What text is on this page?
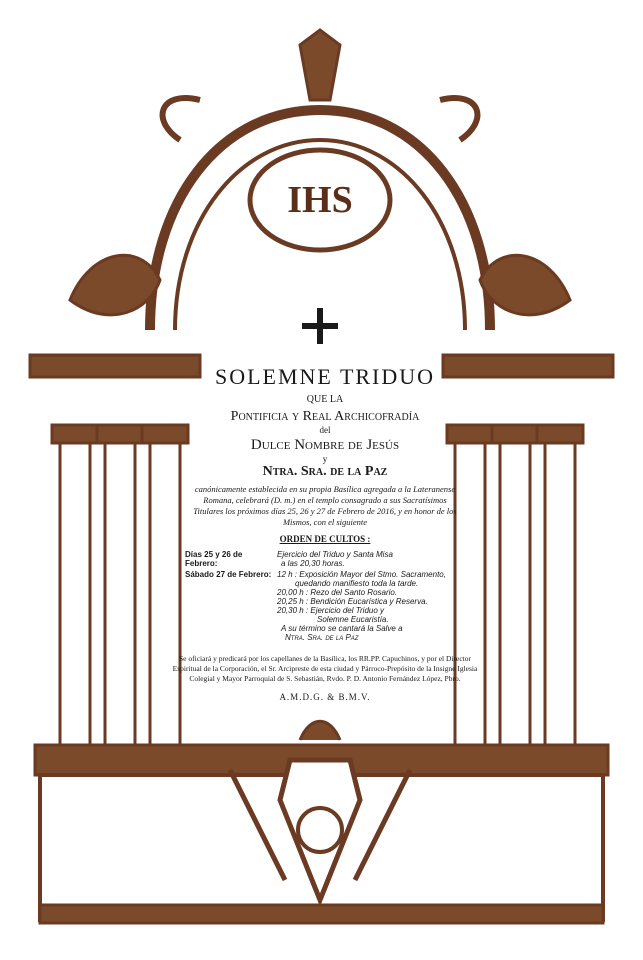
IHS
SOLEMNE TRIDUO
QUE LA
Pontificia y Real Archicofradía
del
Dulce Nombre de Jesús
y
Ntra. Sra. de la Paz
canónicamente establecida en su propia Basílica agregada a la Lateranense Romana, celebrará (D. m.) en el templo consagrado a sus Sacratísimos Titulares los próximos días 25, 26 y 27 de Febrero de 2016, y en honor de los Mismos, con el siguiente
ORDEN DE CULTOS :
Días 25 y 26 de Febrero:
Ejercicio del Triduo y Santa Misa
a las 20,30 horas.
Sábado 27 de Febrero: 12 h : Exposición Mayor del Stmo. Sacramento,
quedando manifiesto toda la tarde.
20,00 h : Rezo del Santo Rosario.
20,25 h : Bendición Eucarística y Reserva.
20,30 h : Ejercicio del Triduo y
Solemne Eucaristía.
A su término se cantará la Salve a
Ntra. Sra. de la Paz
Se oficiará y predicará por los capellanes de la Basílica, los RR.PP. Capuchinos, y por el Director Espiritual de la Corporación, el Sr. Arcipreste de esta ciudad y Párroco-Prepósito de la Insigne Iglesia Colegial y Mayor Parroquial de S. Sebastián, Rvdo. P. D. Antonio Fernández López, Pbro.
A.M.D.G. & B.M.V.
